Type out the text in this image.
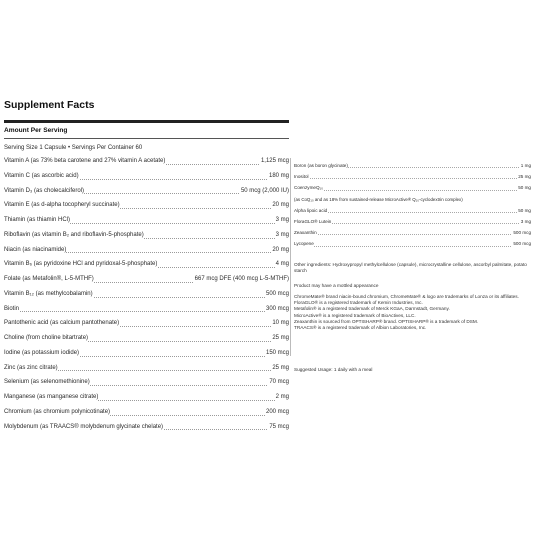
Supplement Facts
Amount Per Serving
Serving Size 1 Capsule • Servings Per Container 60
Vitamin A (as 73% beta carotene and 27% vitamin A acetate)	1,125 mcg
Vitamin C (as ascorbic acid)	180 mg
Vitamin D₃ (as cholecalciferol)	50 mcg (2,000 IU)
Vitamin E (as d-alpha tocopheryl succinate)	20 mg
Thiamin (as thiamin HCl)	3 mg
Riboflavin (as vitamin B₂ and riboflavin-5-phosphate)	3 mg
Niacin (as niacinamide)	20 mg
Vitamin B₆ (as pyridoxine HCl and pyridoxal-5-phosphate)	4 mg
Folate (as Metafolin®, L-5-MTHF)	667 mcg DFE (400 mcg L-5-MTHF)
Vitamin B₁₂ (as methylcobalamin)	500 mcg
Biotin	300 mcg
Pantothenic acid (as calcium pantothenate)	10 mg
Choline (from choline bitartrate)	25 mg
Iodine (as potassium iodide)	150 mcg
Zinc (as zinc citrate)	25 mg
Selenium (as selenomethionine)	70 mcg
Manganese (as manganese citrate)	2 mg
Chromium (as chromium polynicotinate)	200 mcg
Molybdenum (as TRAACS® molybdenum glycinate chelate)	75 mcg
Boron (as boron glycinate)	1 mg
Inositol	25 mg
CoenzymeQ₁₀	50 mg
(as CoQ₁₀ and as 18% from sustained-release MicroActive® Q₁₀-cyclodextrin complex)
Alpha lipoic acid	50 mg
FloraGLO® Lutein	3 mg
Zeaxanthin	500 mcg
Lycopene	500 mcg
Other ingredients: Hydroxypropyl methylcellulose (capsule), microcrystalline cellulose, ascorbyl palmitate, potato starch
Product may have a mottled appearance
ChromeMate® brand niacin-bound chromium, ChromeMate® & logo are trademarks of Lonza or its affiliates.
FloraGLO® is a registered trademark of Kemin Industries, Inc.
Metafolin® is a registered trademark of Merck KGaA, Darmstadt, Germany.
MicroActive® is a registered trademark of BioActives, LLC.
Zeaxanthin is sourced from OPTISHARP® brand. OPTISHARP® is a trademark of DSM.
TRAACS® is a registered trademark of Albion Laboratories, Inc.
Suggested Usage: 1 daily with a meal
